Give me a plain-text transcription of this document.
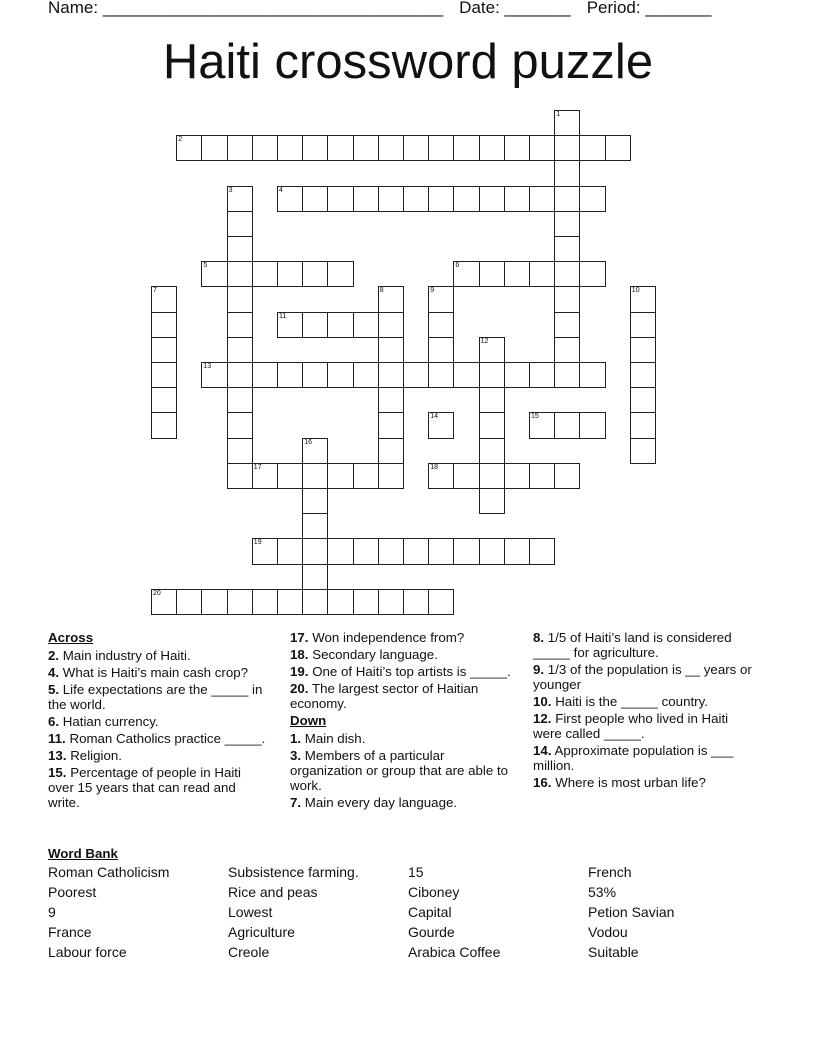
Name: ____________________________________ Date: _______ Period: _______
Haiti crossword puzzle
2
4
5	6
11
13
15
17	18
19
20
1
3
7	8	9	10
12
14
16

Across

2. Main industry of Haiti.

4. What is Haiti’s main cash crop?

5. Life expectations are the _____ in the world.

6. Hatian currency.

11. Roman Catholics practice _____.

13. Religion.

15. Percentage of people in Haiti over 15 years that can read and write.

17. Won independence from?

18. Secondary language.

19. One of Haiti’s top artists is _____.

20. The largest sector of Haitian economy.

Down

1. Main dish.

3. Members of a particular organization or group that are able to work.

7. Main every day language.

8. 1/5 of Haiti’s land is considered _____ for agriculture.

9. 1/3 of the population is __ years or younger

10. Haiti is the _____ country.

12. First people who lived in Haiti were called _____.

14. Approximate population is ___ million.

16. Where is most urban life?

Word Bank
Roman Catholicism	Subsistence farming.	15	French
Poorest	Rice and peas	Ciboney	53%
9	Lowest	Capital	Petion Savian
France	Agriculture	Gourde	Vodou
Labour force	Creole	Arabica Coffee	Suitable
